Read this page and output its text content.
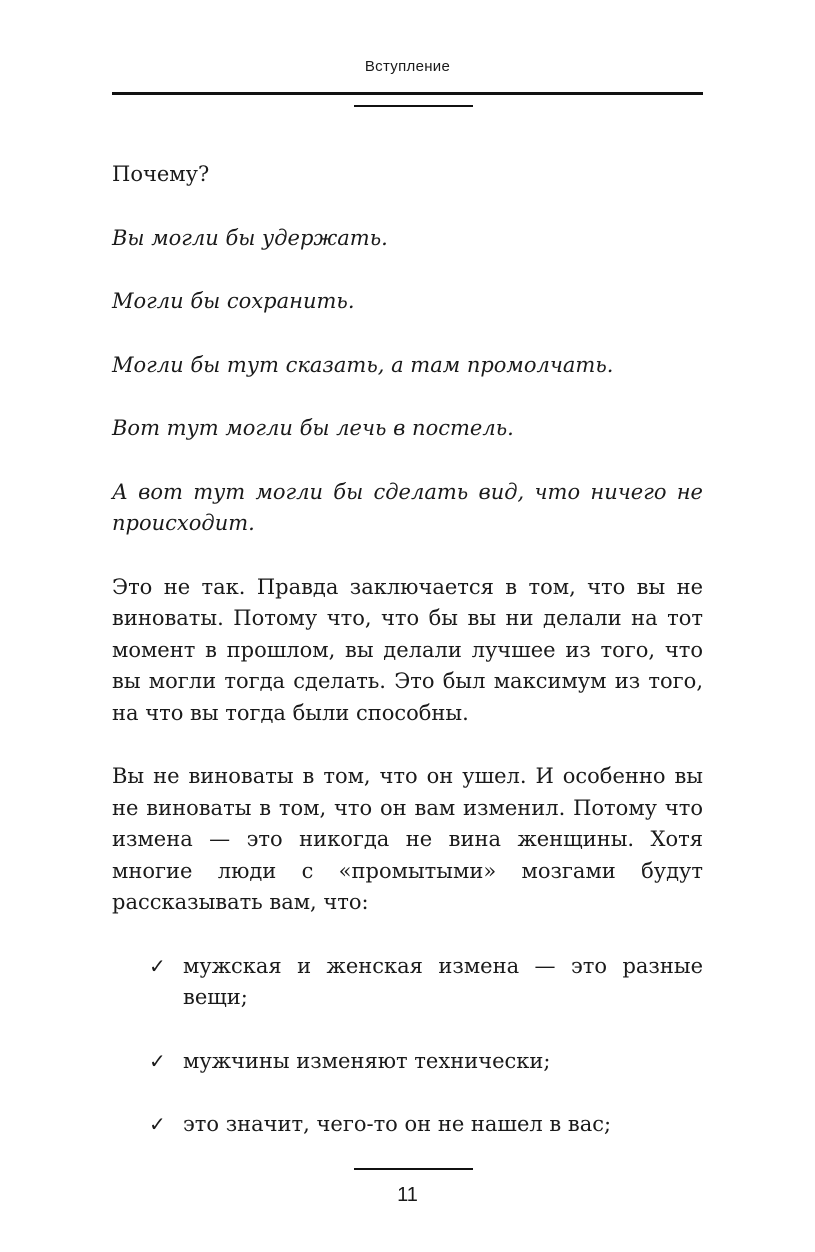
Вступление

Почему?

Вы могли бы удержать.

Могли бы сохранить.

Могли бы тут сказать, а там промолчать.

Вот тут могли бы лечь в постель.

А вот тут могли бы сделать вид, что ничего не происходит.

Это не так. Правда заключается в том, что вы не виноваты. Потому что, что бы вы ни делали на тот момент в прошлом, вы делали лучшее из того, что вы могли тогда сделать. Это был максимум из того, на что вы тогда были способны.

Вы не виноваты в том, что он ушел. И особенно вы не виноваты в том, что он вам изменил. Потому что измена — это никогда не вина женщины. Хотя многие люди с «промытыми» мозгами будут рассказывать вам, что:

✓ мужская и женская измена — это разные вещи;
✓ мужчины изменяют технически;
✓ это значит, чего-то он не нашел в вас;
11
